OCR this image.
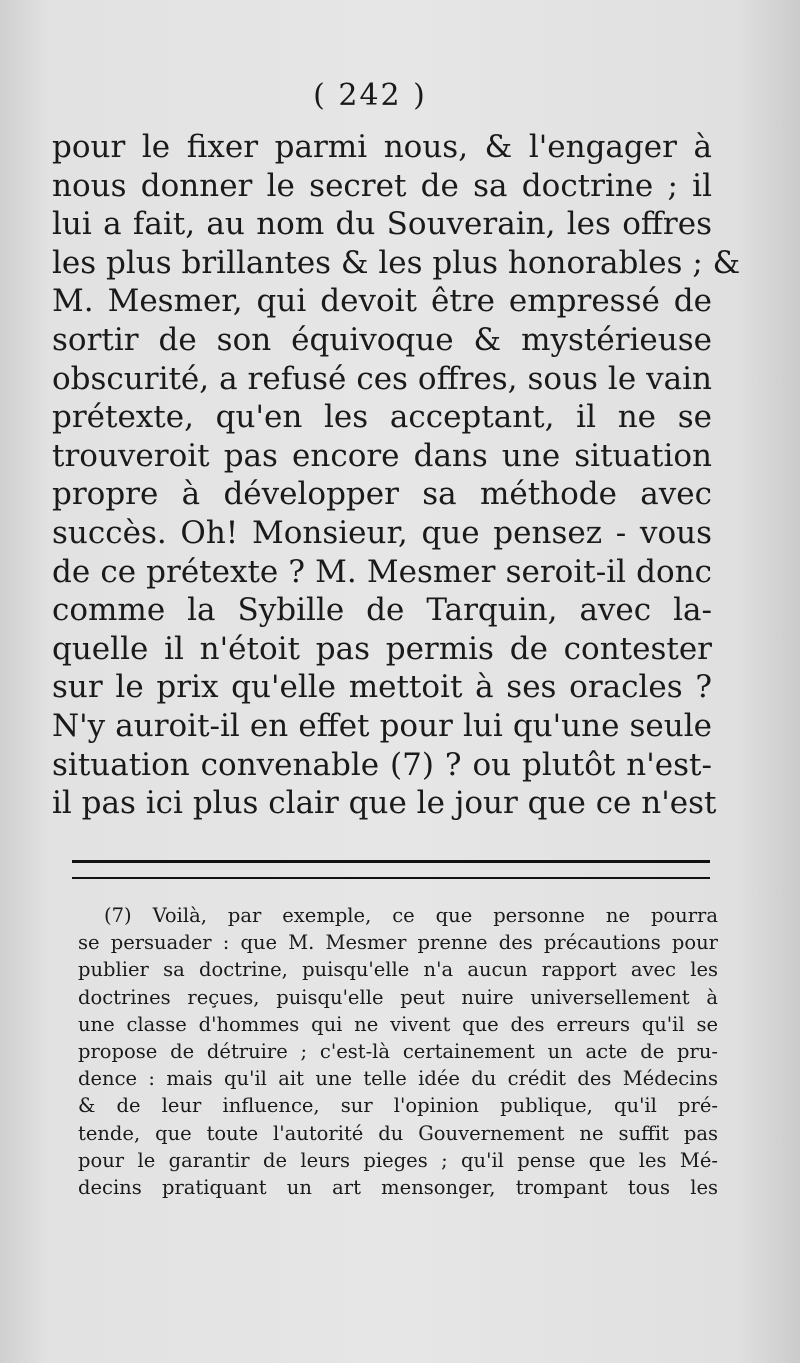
( 242 )
pour le fixer parmi nous, & l'engager à
nous donner le secret de sa doctrine ; il
lui a fait, au nom du Souverain, les offres
les plus brillantes & les plus honorables ; &
M. Mesmer, qui devoit être empressé de
sortir de son équivoque & mystérieuse
obscurité, a refusé ces offres, sous le vain
prétexte, qu'en les acceptant, il ne se
trouveroit pas encore dans une situation
propre à développer sa méthode avec
succès. Oh! Monsieur, que pensez - vous
de ce prétexte ? M. Mesmer seroit-il donc
comme la Sybille de Tarquin, avec la-
quelle il n'étoit pas permis de contester
sur le prix qu'elle mettoit à ses oracles ?
N'y auroit-il en effet pour lui qu'une seule
situation convenable (7) ? ou plutôt n'est-
il pas ici plus clair que le jour que ce n'est
(7) Voilà, par exemple, ce que personne ne pourra
se persuader : que M. Mesmer prenne des précautions pour
publier sa doctrine, puisqu'elle n'a aucun rapport avec les
doctrines reçues, puisqu'elle peut nuire universellement à
une classe d'hommes qui ne vivent que des erreurs qu'il se
propose de détruire ; c'est-là certainement un acte de pru-
dence : mais qu'il ait une telle idée du crédit des Médecins
& de leur influence, sur l'opinion publique, qu'il pré-
tende, que toute l'autorité du Gouvernement ne suffit pas
pour le garantir de leurs pieges ; qu'il pense que les Mé-
decins pratiquant un art mensonger, trompant tous les
